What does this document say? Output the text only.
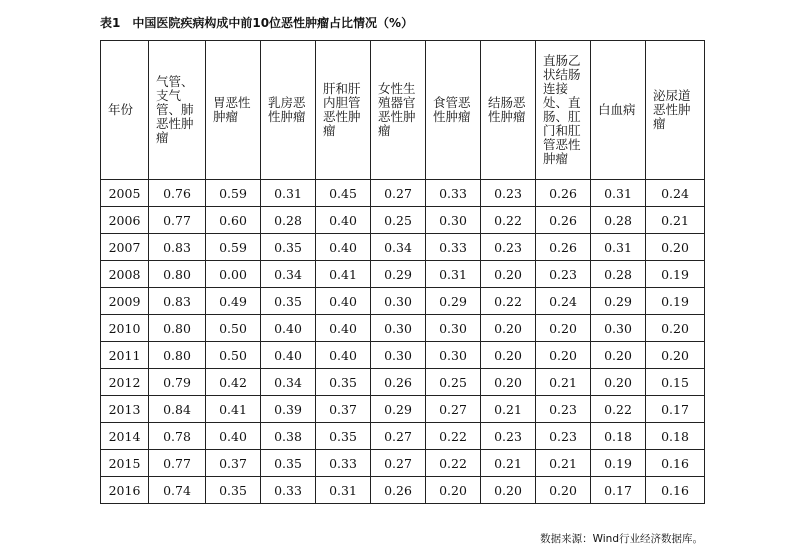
表1　中国医院疾病构成中前10位恶性肿瘤占比情况（%）
年份	气管、支气管、肺恶性肿瘤	胃恶性肿瘤	乳房恶性肿瘤	肝和肝内胆管恶性肿瘤	女性生殖器官恶性肿瘤	食管恶性肿瘤	结肠恶性肿瘤	直肠乙状结肠连接处、直肠、肛门和肛管恶性肿瘤	白血病	泌尿道恶性肿瘤
2005	0.76	0.59	0.31	0.45	0.27	0.33	0.23	0.26	0.31	0.24
2006	0.77	0.60	0.28	0.40	0.25	0.30	0.22	0.26	0.28	0.21
2007	0.83	0.59	0.35	0.40	0.34	0.33	0.23	0.26	0.31	0.20
2008	0.80	0.00	0.34	0.41	0.29	0.31	0.20	0.23	0.28	0.19
2009	0.83	0.49	0.35	0.40	0.30	0.29	0.22	0.24	0.29	0.19
2010	0.80	0.50	0.40	0.40	0.30	0.30	0.20	0.20	0.30	0.20
2011	0.80	0.50	0.40	0.40	0.30	0.30	0.20	0.20	0.20	0.20
2012	0.79	0.42	0.34	0.35	0.26	0.25	0.20	0.21	0.20	0.15
2013	0.84	0.41	0.39	0.37	0.29	0.27	0.21	0.23	0.22	0.17
2014	0.78	0.40	0.38	0.35	0.27	0.22	0.23	0.23	0.18	0.18
2015	0.77	0.37	0.35	0.33	0.27	0.22	0.21	0.21	0.19	0.16
2016	0.74	0.35	0.33	0.31	0.26	0.20	0.20	0.20	0.17	0.16
数据来源：Wind行业经济数据库。
